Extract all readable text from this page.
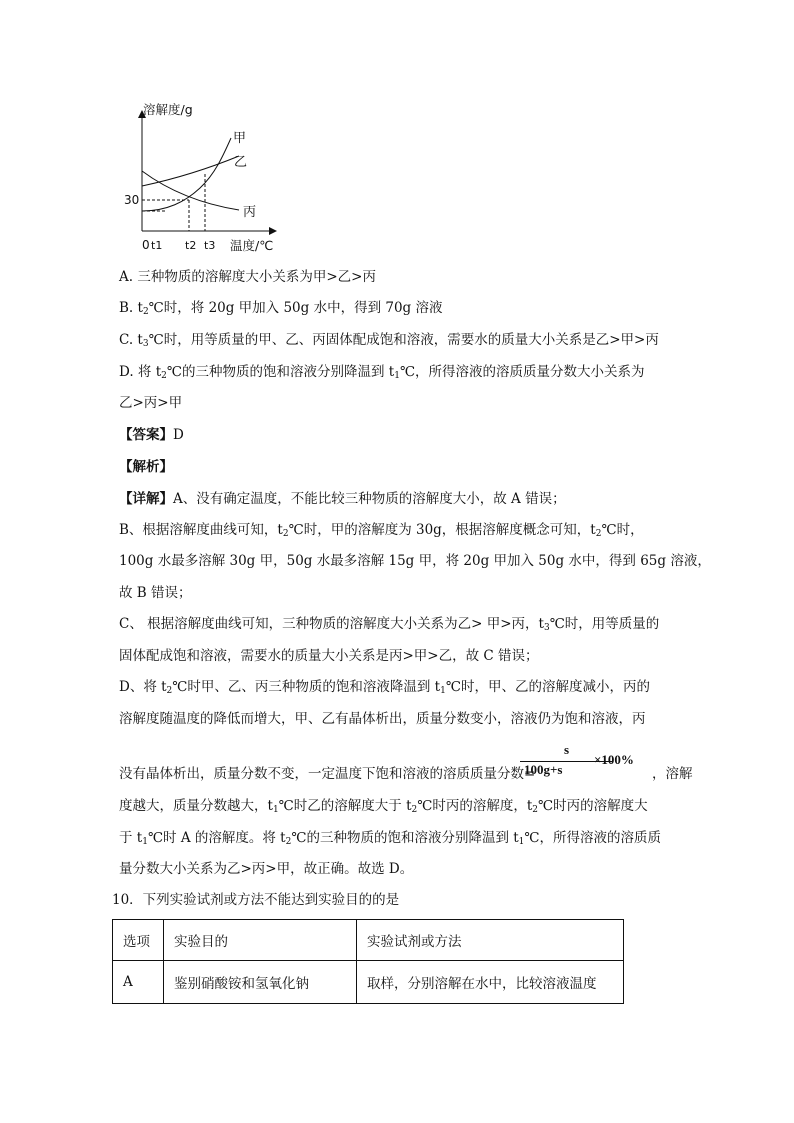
溶解度/g
温度/℃
30
0 t1 t2 t3
甲
乙
丙
A. 三种物质的溶解度大小关系为甲>乙>丙
B. $t_2℃$时，将 20g 甲加入 50g 水中，得到 70g 溶液
C. $t_3℃$时，用等质量的甲、乙、丙固体配成饱和溶液，需要水的质量大小关系是乙>甲>丙
D. 将 $t_2℃$的三种物质的饱和溶液分别降温到 $t_1℃$，所得溶液的溶质质量分数大小关系为
乙>丙>甲
【答案】D
【解析】
【详解】A、没有确定温度，不能比较三种物质的溶解度大小，故 A 错误；
B、根据溶解度曲线可知，$t_2℃$时，甲的溶解度为 30g，根据溶解度概念可知，$t_2℃$时，
100g 水最多溶解 30g 甲，50g 水最多溶解 15g 甲，将 20g 甲加入 50g 水中，得到 65g 溶液，
故 B 错误；
C、 根据溶解度曲线可知，三种物质的溶解度大小关系为乙> 甲>丙，$t_3℃$时，用等质量的
固体配成饱和溶液，需要水的质量大小关系是丙>甲>乙，故 C 错误；
D、将 $t_2℃$时甲、乙、丙三种物质的饱和溶液降温到 $t_1℃$时，甲、乙的溶解度减小，丙的
溶解度随温度的降低而增大，甲、乙有晶体析出，质量分数变小，溶液仍为饱和溶液，丙
没有晶体析出，质量分数不变，一定温度下饱和溶液的溶质质量分数=
s
100g+s
×100%
，溶解
度越大，质量分数越大，$t_1℃$时乙的溶解度大于 $t_2℃$时丙的溶解度，$t_2℃$时丙的溶解度大
于 $t_1℃$时 A 的溶解度。将 $t_2℃$的三种物质的饱和溶液分别降温到 $t_1℃$，所得溶液的溶质质
量分数大小关系为乙>丙>甲，故正确。故选 D。
10．下列实验试剂或方法不能达到实验目的的是
选项	实验目的	实验试剂或方法
A	鉴别硝酸铵和氢氧化钠	取样，分别溶解在水中，比较溶液温度
